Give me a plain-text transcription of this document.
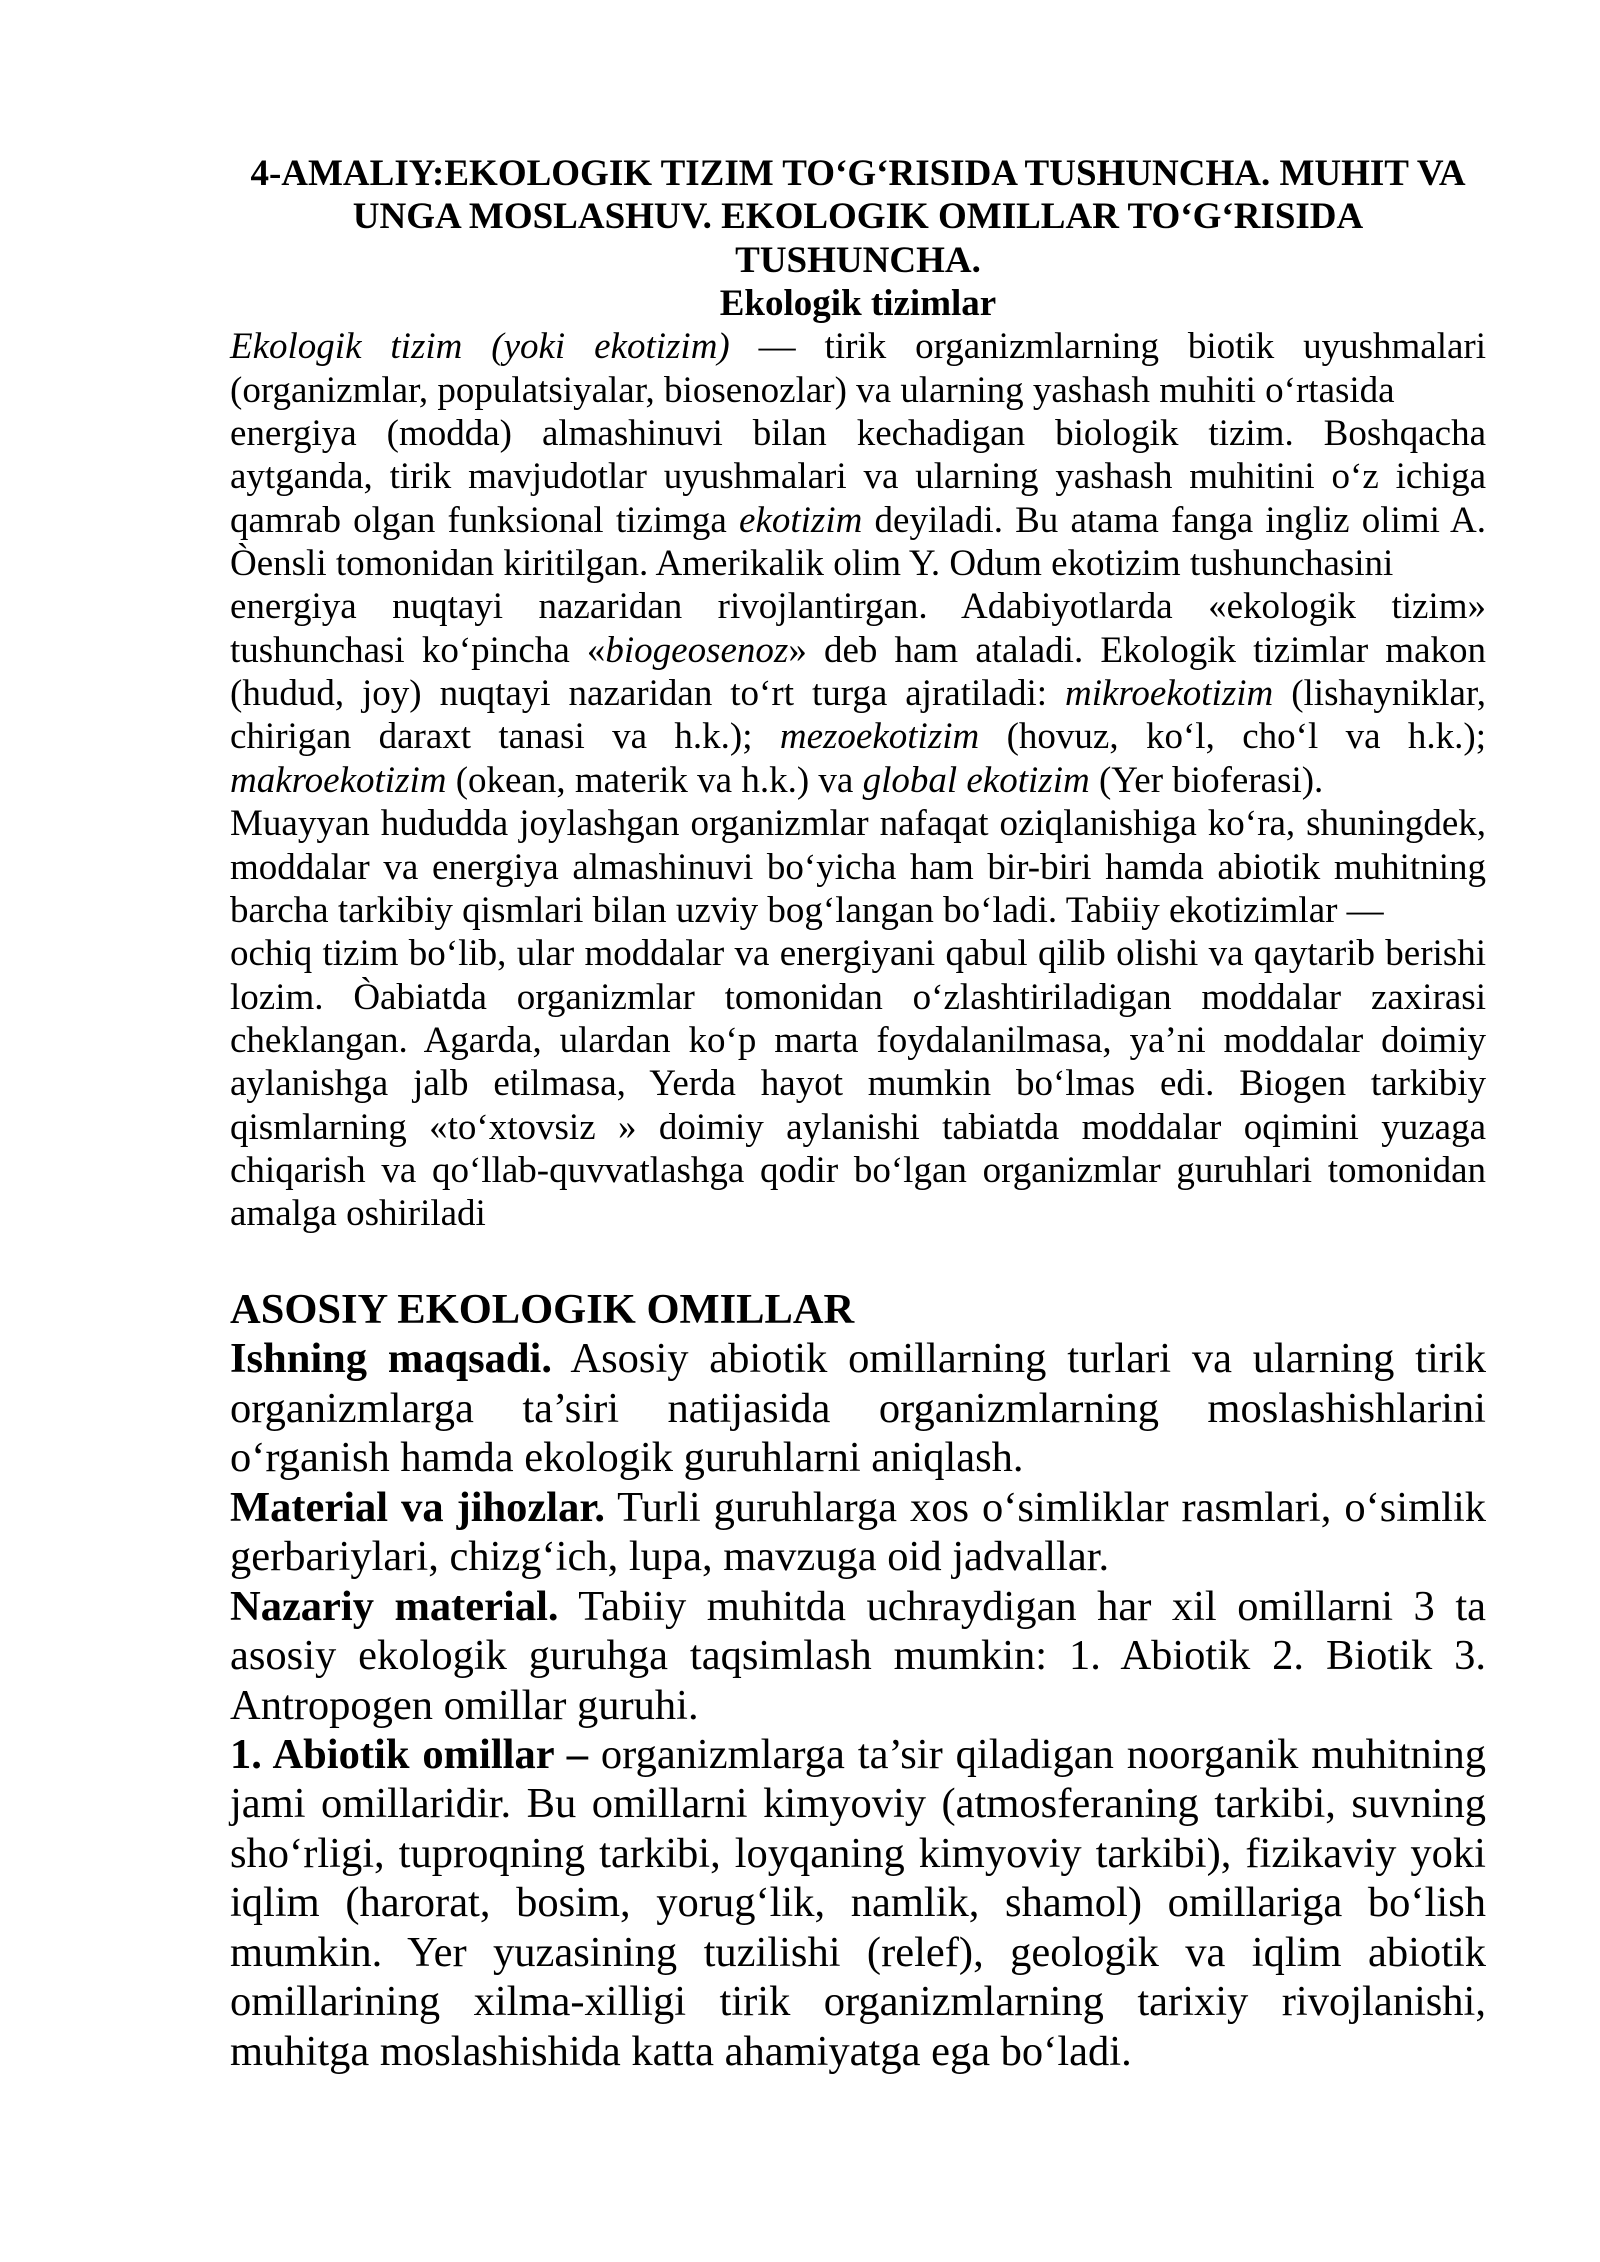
4-AMALIY:EKOLOGIK TIZIM TO‘G‘RISIDA TUSHUNCHA. MUHIT VA
UNGA MOSLASHUV. EKOLOGIK OMILLAR TO‘G‘RISIDA
TUSHUNCHA.
Ekologik tizimlar
Ekologik tizim (yoki ekotizim) — tirik organizmlarning biotik uyushmalari
(organizmlar, populatsiyalar, biosenozlar) va ularning yashash muhiti o‘rtasida
energiya (modda) almashinuvi bilan kechadigan biologik tizim. Boshqacha
aytganda, tirik mavjudotlar uyushmalari va ularning yashash muhitini o‘z ichiga
qamrab olgan funksional tizimga ekotizim deyiladi. Bu atama fanga ingliz olimi A.
Òensli tomonidan kiritilgan. Amerikalik olim Y. Odum ekotizim tushunchasini
energiya nuqtayi nazaridan rivojlantirgan. Adabiyotlarda «ekologik tizim»
tushunchasi ko‘pincha «biogeosenoz» deb ham ataladi. Ekologik tizimlar makon
(hudud, joy) nuqtayi nazaridan to‘rt turga ajratiladi: mikroekotizim (lishayniklar,
chirigan daraxt tanasi va h.k.); mezoekotizim (hovuz, ko‘l, cho‘l va h.k.);
makroekotizim (okean, materik va h.k.) va global ekotizim (Yer bioferasi).
Muayyan hududda joylashgan organizmlar nafaqat oziqlanishiga ko‘ra, shuningdek,
moddalar va energiya almashinuvi bo‘yicha ham bir-biri hamda abiotik muhitning
barcha tarkibiy qismlari bilan uzviy bog‘langan bo‘ladi. Tabiiy ekotizimlar —
ochiq tizim bo‘lib, ular moddalar va energiyani qabul qilib olishi va qaytarib berishi
lozim. Òabiatda organizmlar tomonidan o‘zlashtiriladigan moddalar zaxirasi
cheklangan. Agarda, ulardan ko‘p marta foydalanilmasa, ya’ni moddalar doimiy
aylanishga jalb etilmasa, Yerda hayot mumkin bo‘lmas edi. Biogen tarkibiy
qismlarning «to‘xtovsiz » doimiy aylanishi tabiatda moddalar oqimini yuzaga
chiqarish va qo‘llab-quvvatlashga qodir bo‘lgan organizmlar guruhlari tomonidan
amalga oshiriladi
ASOSIY EKOLOGIK OMILLAR
Ishning maqsadi. Asosiy abiotik omillarning turlari va ularning tirik
organizmlarga ta’siri natijasida organizmlarning moslashishlarini
o‘rganish hamda ekologik guruhlarni aniqlash.
Material va jihozlar. Turli guruhlarga xos o‘simliklar rasmlari, o‘simlik
gerbariylari, chizg‘ich, lupa, mavzuga oid jadvallar.
Nazariy material. Tabiiy muhitda uchraydigan har xil omillarni 3 ta
asosiy ekologik guruhga taqsimlash mumkin: 1. Abiotik 2. Biotik 3.
Antropogen omillar guruhi.
1. Abiotik omillar – organizmlarga ta’sir qiladigan noorganik muhitning
jami omillaridir. Bu omillarni kimyoviy (atmosferaning tarkibi, suvning
sho‘rligi, tuproqning tarkibi, loyqaning kimyoviy tarkibi), fizikaviy yoki
iqlim (harorat, bosim, yorug‘lik, namlik, shamol) omillariga bo‘lish
mumkin. Yer yuzasining tuzilishi (relef), geologik va iqlim abiotik
omillarining xilma-xilligi tirik organizmlarning tarixiy rivojlanishi,
muhitga moslashishida katta ahamiyatga ega bo‘ladi.
